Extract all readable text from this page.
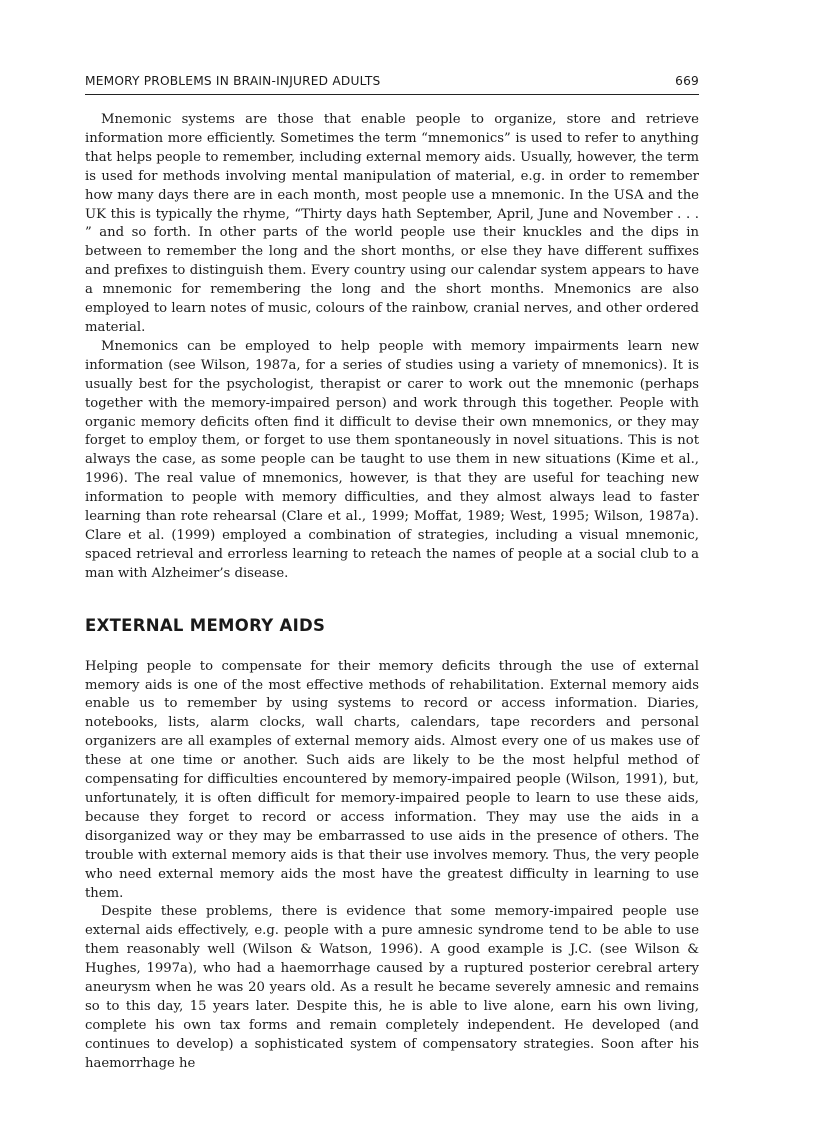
MEMORY PROBLEMS IN BRAIN-INJURED ADULTS	669

Mnemonic systems are those that enable people to organize, store and retrieve information more efficiently. Sometimes the term “mnemonics” is used to refer to anything that helps people to remember, including external memory aids. Usually, however, the term is used for methods involving mental manipulation of material, e.g. in order to remember how many days there are in each month, most people use a mnemonic. In the USA and the UK this is typically the rhyme, “Thirty days hath September, April, June and November . . . ” and so forth. In other parts of the world people use their knuckles and the dips in between to remember the long and the short months, or else they have different suffixes and prefixes to distinguish them. Every country using our calendar system appears to have a mnemonic for remembering the long and the short months. Mnemonics are also employed to learn notes of music, colours of the rainbow, cranial nerves, and other ordered material.

Mnemonics can be employed to help people with memory impairments learn new information (see Wilson, 1987a, for a series of studies using a variety of mnemonics). It is usually best for the psychologist, therapist or carer to work out the mnemonic (perhaps together with the memory-impaired person) and work through this together. People with organic memory deficits often find it difficult to devise their own mnemonics, or they may forget to employ them, or forget to use them spontaneously in novel situations. This is not always the case, as some people can be taught to use them in new situations (Kime et al., 1996). The real value of mnemonics, however, is that they are useful for teaching new information to people with memory difficulties, and they almost always lead to faster learning than rote rehearsal (Clare et al., 1999; Moffat, 1989; West, 1995; Wilson, 1987a). Clare et al. (1999) employed a combination of strategies, including a visual mnemonic, spaced retrieval and errorless learning to reteach the names of people at a social club to a man with Alzheimer’s disease.

EXTERNAL MEMORY AIDS

Helping people to compensate for their memory deficits through the use of external memory aids is one of the most effective methods of rehabilitation. External memory aids enable us to remember by using systems to record or access information. Diaries, notebooks, lists, alarm clocks, wall charts, calendars, tape recorders and personal organizers are all examples of external memory aids. Almost every one of us makes use of these at one time or another. Such aids are likely to be the most helpful method of compensating for difficulties encountered by memory-impaired people (Wilson, 1991), but, unfortunately, it is often difficult for memory-impaired people to learn to use these aids, because they forget to record or access information. They may use the aids in a disorganized way or they may be embarrassed to use aids in the presence of others. The trouble with external memory aids is that their use involves memory. Thus, the very people who need external memory aids the most have the greatest difficulty in learning to use them.

Despite these problems, there is evidence that some memory-impaired people use external aids effectively, e.g. people with a pure amnesic syndrome tend to be able to use them reasonably well (Wilson & Watson, 1996). A good example is J.C. (see Wilson & Hughes, 1997a), who had a haemorrhage caused by a ruptured posterior cerebral artery aneurysm when he was 20 years old. As a result he became severely amnesic and remains so to this day, 15 years later. Despite this, he is able to live alone, earn his own living, complete his own tax forms and remain completely independent. He developed (and continues to develop) a sophisticated system of compensatory strategies. Soon after his haemorrhage he
